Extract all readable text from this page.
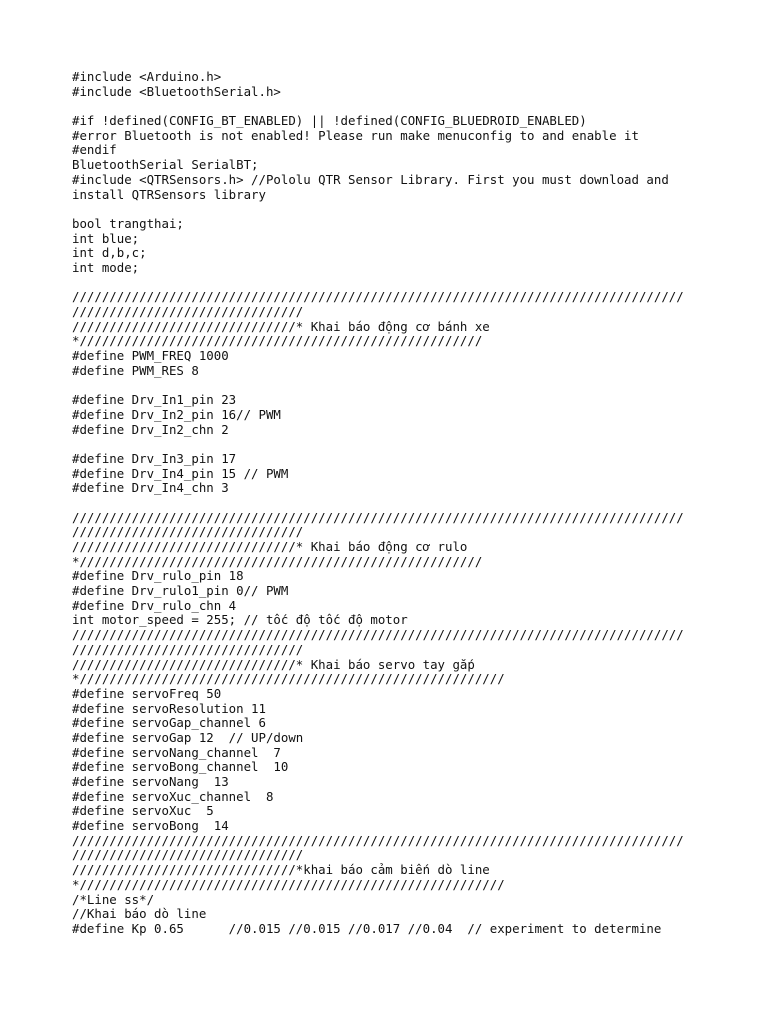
#include <Arduino.h>
#include <BluetoothSerial.h>
#if !defined(CONFIG_BT_ENABLED) || !defined(CONFIG_BLUEDROID_ENABLED)
#error Bluetooth is not enabled! Please run make menuconfig to and enable it
#endif
BluetoothSerial SerialBT;
#include <QTRSensors.h> //Pololu QTR Sensor Library. First you must download and
install QTRSensors library
bool trangthai;
int blue;
int d,b,c;
int mode;
//////////////////////////////////////////////////////////////////////////////////
///////////////////////////////
//////////////////////////////* Khai báo động cơ bánh xe
*//////////////////////////////////////////////////////
#define PWM_FREQ 1000
#define PWM_RES 8
#define Drv_In1_pin 23
#define Drv_In2_pin 16// PWM
#define Drv_In2_chn 2
#define Drv_In3_pin 17
#define Drv_In4_pin 15 // PWM
#define Drv_In4_chn 3
//////////////////////////////////////////////////////////////////////////////////
///////////////////////////////
//////////////////////////////* Khai báo động cơ rulo
*//////////////////////////////////////////////////////
#define Drv_rulo_pin 18
#define Drv_rulo1_pin 0// PWM
#define Drv_rulo_chn 4
int motor_speed = 255; // tốc độ tốc độ motor
//////////////////////////////////////////////////////////////////////////////////
///////////////////////////////
//////////////////////////////* Khai báo servo tay gắp
*/////////////////////////////////////////////////////////
#define servoFreq 50
#define servoResolution 11
#define servoGap_channel 6
#define servoGap 12  // UP/down
#define servoNang_channel  7
#define servoBong_channel  10
#define servoNang  13
#define servoXuc_channel  8
#define servoXuc  5
#define servoBong  14
//////////////////////////////////////////////////////////////////////////////////
///////////////////////////////
//////////////////////////////*khai báo cảm biến dò line
*/////////////////////////////////////////////////////////
/*Line ss*/
//Khai báo dò line
#define Kp 0.65      //0.015 //0.015 //0.017 //0.04  // experiment to determine
